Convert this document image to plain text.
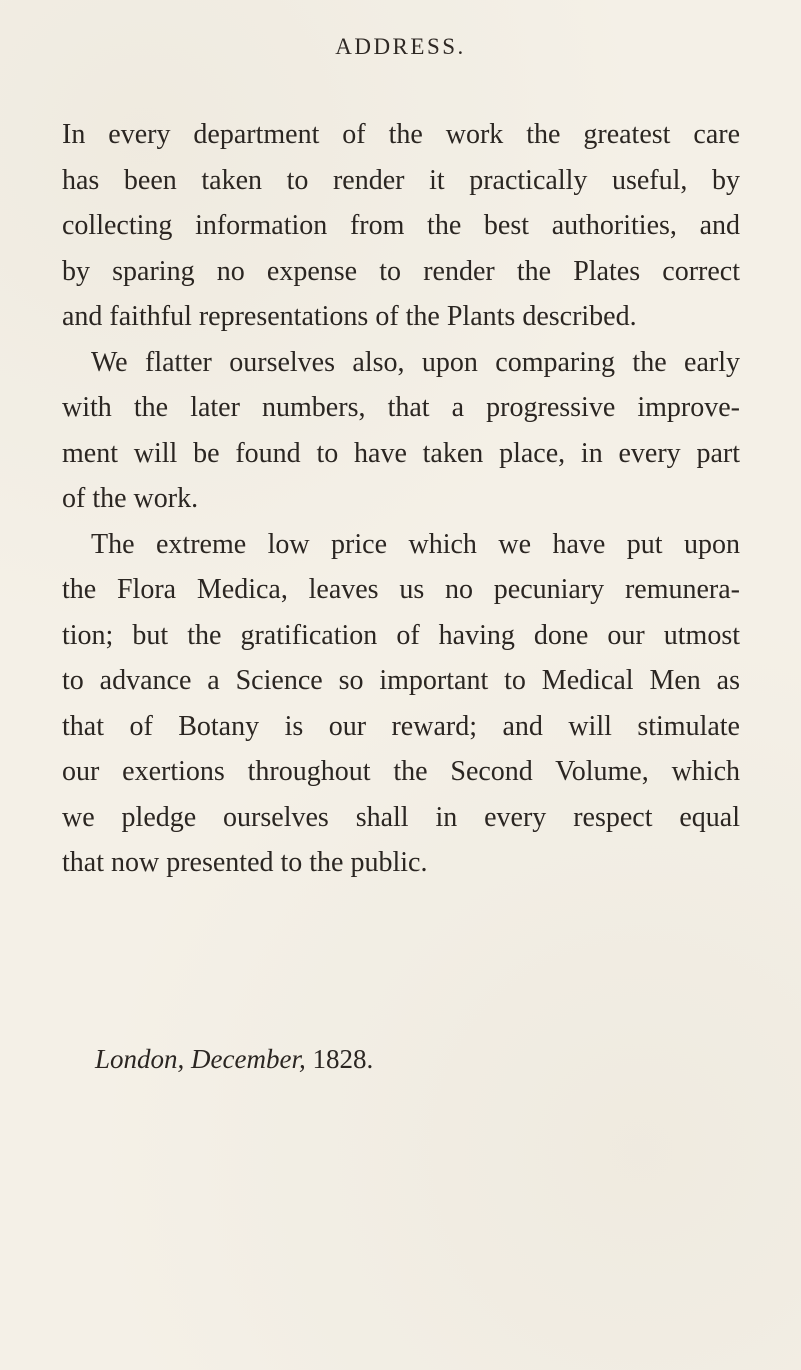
ADDRESS.
In every department of the work the greatest care
has been taken to render it practically useful, by
collecting information from the best authorities, and
by sparing no expense to render the Plates correct
and faithful representations of the Plants described.
We flatter ourselves also, upon comparing the early
with the later numbers, that a progressive improve-
ment will be found to have taken place, in every part
of the work.
The extreme low price which we have put upon
the Flora Medica, leaves us no pecuniary remunera-
tion; but the gratification of having done our utmost
to advance a Science so important to Medical Men as
that of Botany is our reward; and will stimulate
our exertions throughout the Second Volume, which
we pledge ourselves shall in every respect equal
that now presented to the public.
London, December, 1828.
